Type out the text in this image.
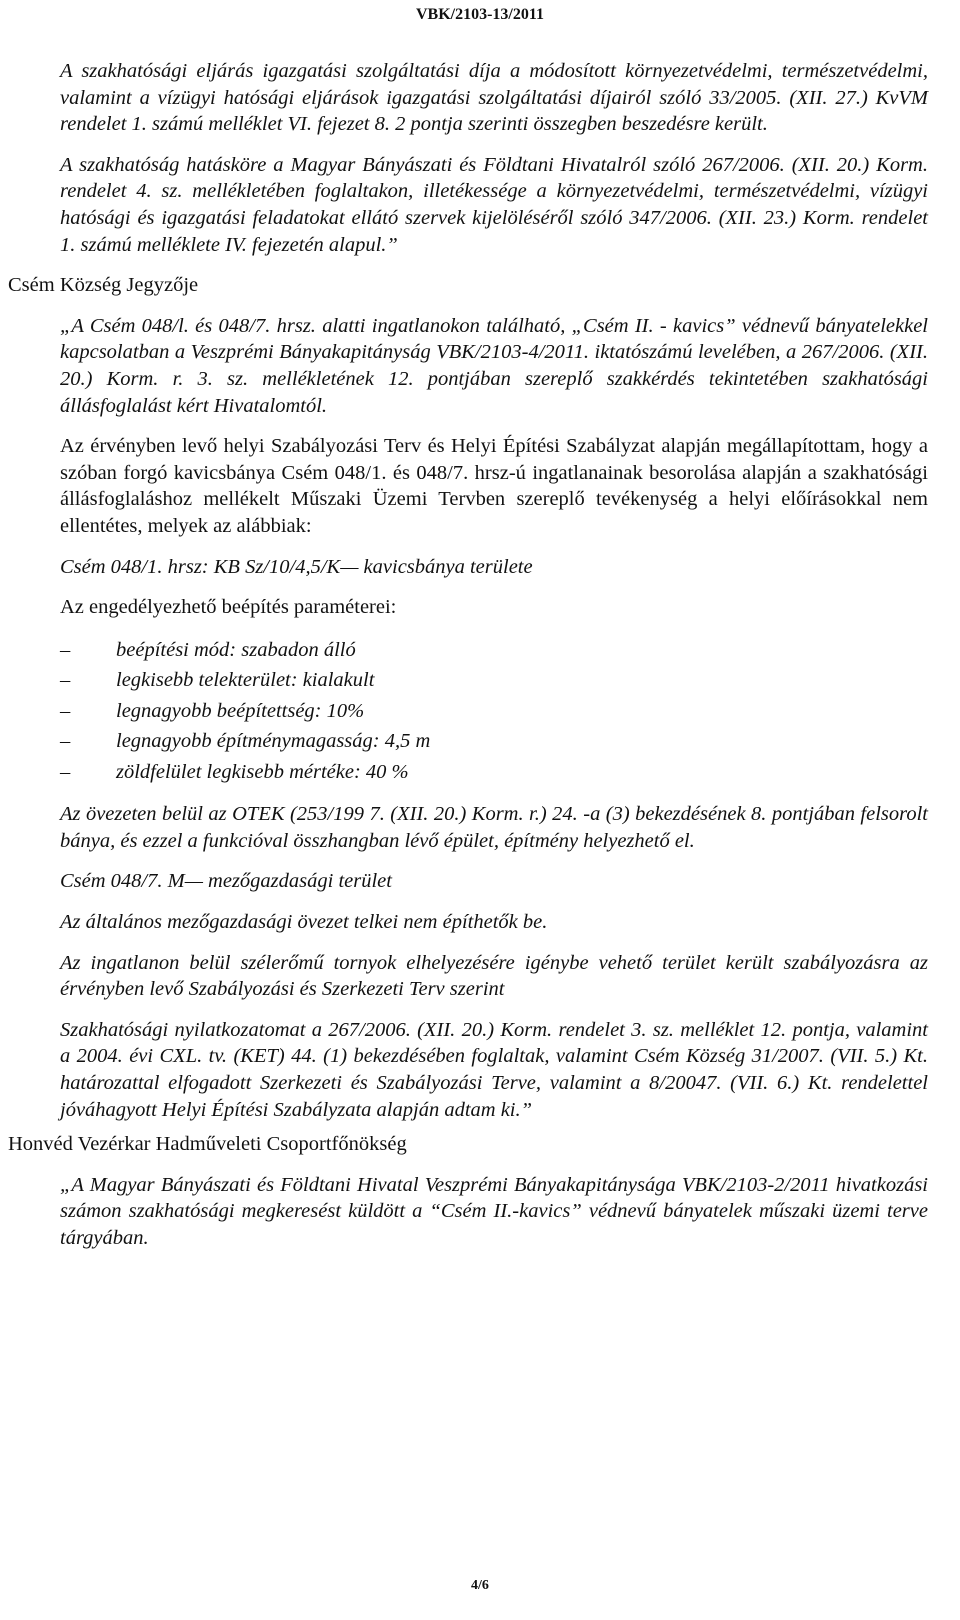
VBK/2103-13/2011

A szakhatósági eljárás igazgatási szolgáltatási díja a módosított környezetvédelmi, természetvédelmi, valamint a vízügyi hatósági eljárások igazgatási szolgáltatási díjairól szóló 33/2005. (XII. 27.) KvVM rendelet 1. számú melléklet VI. fejezet 8. 2 pontja szerinti összegben beszedésre került.

A szakhatóság hatásköre a Magyar Bányászati és Földtani Hivatalról szóló 267/2006. (XII. 20.) Korm. rendelet 4. sz. mellékletében foglaltakon, illetékessége a környezetvédelmi, természetvédelmi, vízügyi hatósági és igazgatási feladatokat ellátó szervek kijelöléséről szóló 347/2006. (XII. 23.) Korm. rendelet 1. számú melléklete IV. fejezetén alapul.”

Csém Község Jegyzője

„A Csém 048/l. és 048/7. hrsz. alatti ingatlanokon található, „Csém II. - kavics” védnevű bányatelekkel kapcsolatban a Veszprémi Bányakapitányság VBK/2103-4/2011. iktatószámú levelében, a 267/2006. (XII. 20.) Korm. r. 3. sz. mellékletének 12. pontjában szereplő szakkérdés tekintetében szakhatósági állásfoglalást kért Hivatalomtól.

Az érvényben levő helyi Szabályozási Terv és Helyi Építési Szabályzat alapján megállapítottam, hogy a szóban forgó kavicsbánya Csém 048/1. és 048/7. hrsz-ú ingatlanainak besorolása alapján a szakhatósági állásfoglaláshoz mellékelt Műszaki Üzemi Tervben szereplő tevékenység a helyi előírásokkal nem ellentétes, melyek az alábbiak:

Csém 048/1. hrsz: KB Sz/10/4,5/K— kavicsbánya területe

Az engedélyezhető beépítés paraméterei:

– beépítési mód: szabadon álló
– legkisebb telekterület: kialakult
– legnagyobb beépítettség: 10%
– legnagyobb építménymagasság: 4,5 m
– zöldfelület legkisebb mértéke: 40 %

Az övezeten belül az OTEK (253/199 7. (XII. 20.) Korm. r.) 24. -a (3) bekezdésének 8. pontjában felsorolt bánya, és ezzel a funkcióval összhangban lévő épület, építmény helyezhető el.

Csém 048/7. M— mezőgazdasági terület

Az általános mezőgazdasági övezet telkei nem építhetők be.

Az ingatlanon belül szélerőmű tornyok elhelyezésére igénybe vehető terület került szabályozásra az érvényben levő Szabályozási és Szerkezeti Terv szerint

Szakhatósági nyilatkozatomat a 267/2006. (XII. 20.) Korm. rendelet 3. sz. melléklet 12. pontja, valamint a 2004. évi CXL. tv. (KET) 44. (1) bekezdésében foglaltak, valamint Csém Község 31/2007. (VII. 5.) Kt. határozattal elfogadott Szerkezeti és Szabályozási Terve, valamint a 8/20047. (VII. 6.) Kt. rendelettel jóváhagyott Helyi Építési Szabályzata alapján adtam ki.”

Honvéd Vezérkar Hadműveleti Csoportfőnökség

„A Magyar Bányászati és Földtani Hivatal Veszprémi Bányakapitánysága VBK/2103-2/2011 hivatkozási számon szakhatósági megkeresést küldött a “Csém II.-kavics” védnevű bányatelek műszaki üzemi terve tárgyában.

4/6
